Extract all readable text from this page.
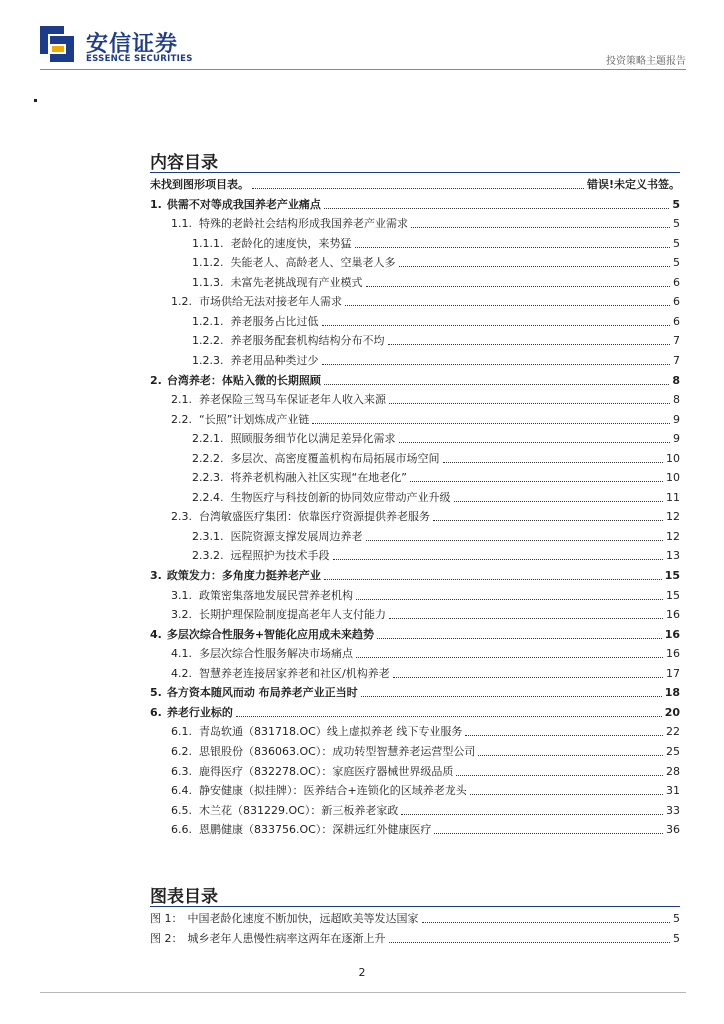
安信证券
ESSENCE SECURITIES	投资策略主题报告
内容目录
未找到图形项目表。	错误!未定义书签。
1. 供需不对等成我国养老产业痛点	5
1.1. 特殊的老龄社会结构形成我国养老产业需求	5
1.1.1. 老龄化的速度快，来势猛	5
1.1.2. 失能老人、高龄老人、空巢老人多	5
1.1.3. 未富先老挑战现有产业模式	6
1.2. 市场供给无法对接老年人需求	6
1.2.1. 养老服务占比过低	6
1.2.2. 养老服务配套机构结构分布不均	7
1.2.3. 养老用品种类过少	7
2. 台湾养老：体贴入微的长期照顾	8
2.1. 养老保险三驾马车保证老年人收入来源	8
2.2. “长照”计划炼成产业链	9
2.2.1. 照顾服务细节化以满足差异化需求	9
2.2.2. 多层次、高密度覆盖机构布局拓展市场空间	10
2.2.3. 将养老机构融入社区实现“在地老化”	10
2.2.4. 生物医疗与科技创新的协同效应带动产业升级	11
2.3. 台湾敏盛医疗集团：依靠医疗资源提供养老服务	12
2.3.1. 医院资源支撑发展周边养老	12
2.3.2. 远程照护为技术手段	13
3. 政策发力：多角度力挺养老产业	15
3.1. 政策密集落地发展民营养老机构	15
3.2. 长期护理保险制度提高老年人支付能力	16
4. 多层次综合性服务+智能化应用成未来趋势	16
4.1. 多层次综合性服务解决市场痛点	16
4.2. 智慧养老连接居家养老和社区/机构养老	17
5. 各方资本随风而动 布局养老产业正当时	18
6. 养老行业标的	20
6.1. 青岛软通（831718.OC）线上虚拟养老 线下专业服务	22
6.2. 思银股份（836063.OC）：成功转型智慧养老运营型公司	25
6.3. 鹿得医疗（832278.OC）：家庭医疗器械世界级品质	28
6.4. 静安健康（拟挂牌）：医养结合+连锁化的区域养老龙头	31
6.5. 木兰花（831229.OC）：新三板养老家政	33
6.6. 恩鹏健康（833756.OC）：深耕远红外健康医疗	36
图表目录
图 1： 中国老龄化速度不断加快，远超欧美等发达国家	5
图 2： 城乡老年人患慢性病率这两年在逐渐上升	5
2
